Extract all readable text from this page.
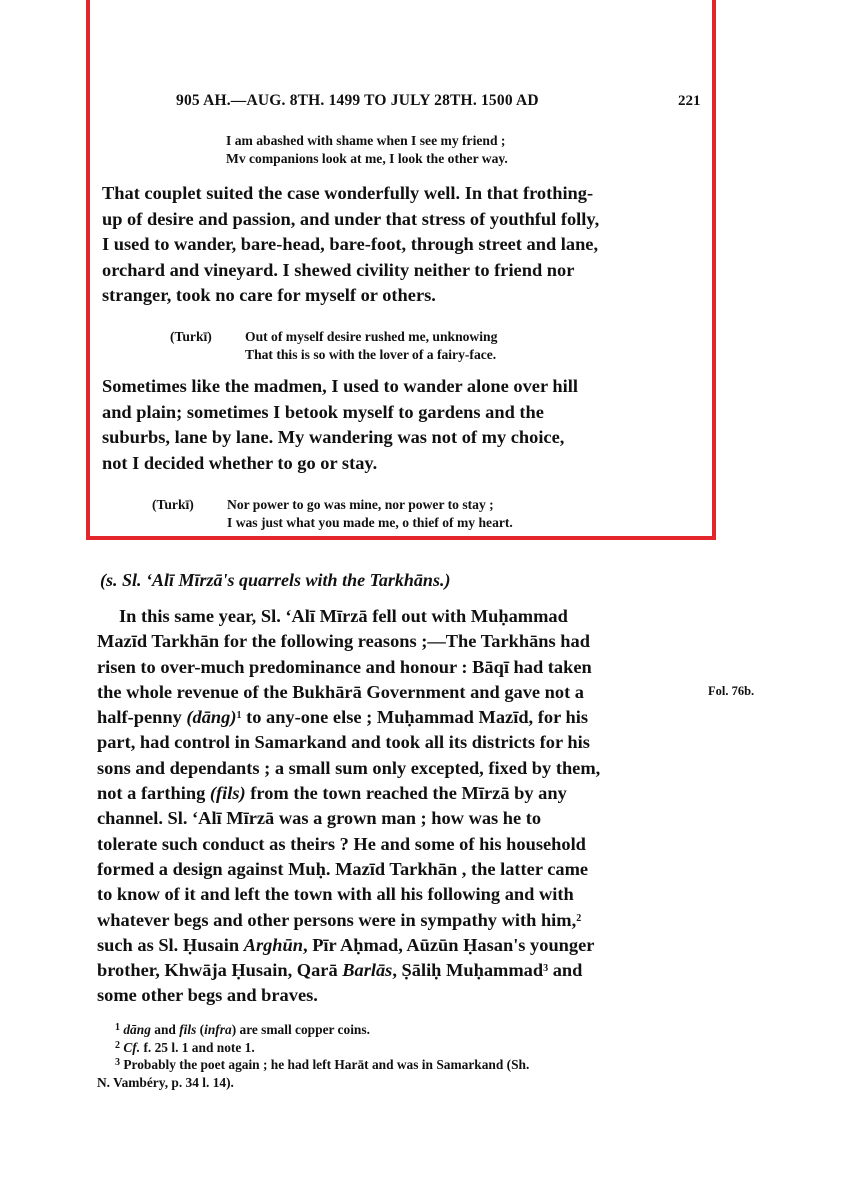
905 AH.—AUG. 8TH. 1499 TO JULY 28TH. 1500 AD	221
I am abashed with shame when I see my friend ;
Mv companions look at me, I look the other way.
That couplet suited the case wonderfully well. In that frothing-
up of desire and passion, and under that stress of youthful folly,
I used to wander, bare-head, bare-foot, through street and lane,
orchard and vineyard. I shewed civility neither to friend nor
stranger, took no care for myself or others.
(Turkī) Out of myself desire rushed me, unknowing
That this is so with the lover of a fairy-face.
Sometimes like the madmen, I used to wander alone over hill
and plain; sometimes I betook myself to gardens and the
suburbs, lane by lane. My wandering was not of my choice,
not I decided whether to go or stay.
(Turkī) Nor power to go was mine, nor power to stay ;
I was just what you made me, o thief of my heart.
(s. Sl. ‘Alī Mīrzā's quarrels with the Tarkhāns.)
In this same year, Sl. ‘Alī Mīrzā fell out with Muḥammad
Mazīd Tarkhān for the following reasons ;—The Tarkhāns had
risen to over-much predominance and honour : Bāqī had taken
the whole revenue of the Bukhārā Government and gave not a
half-penny (dāng)$^1$ to any-one else ; Muḥammad Mazīd, for his
part, had control in Samarkand and took all its districts for his
sons and dependants ; a small sum only excepted, fixed by them,
not a farthing (fils) from the town reached the Mīrzā by any
channel. Sl. ‘Alī Mīrzā was a grown man ; how was he to
tolerate such conduct as theirs ? He and some of his household
formed a design against Muḥ. Mazīd Tarkhān , the latter came
to know of it and left the town with all his following and with
whatever begs and other persons were in sympathy with him,$^2$
such as Sl. Ḥusain Arghūn, Pīr Aḥmad, Aūzūn Ḥasan's younger
brother, Khwāja Ḥusain, Qarā Barlās, Ṣāliḥ Muḥammad$^3$ and
some other begs and braves.
Fol. 76b.
$^1$ dāng and fils (infra) are small copper coins.
$^2$ Cf. f. 25 l. 1 and note 1.
$^3$ Probably the poet again ; he had left Harāt and was in Samarkand (Sh.
N. Vambéry, p. 34 l. 14).
